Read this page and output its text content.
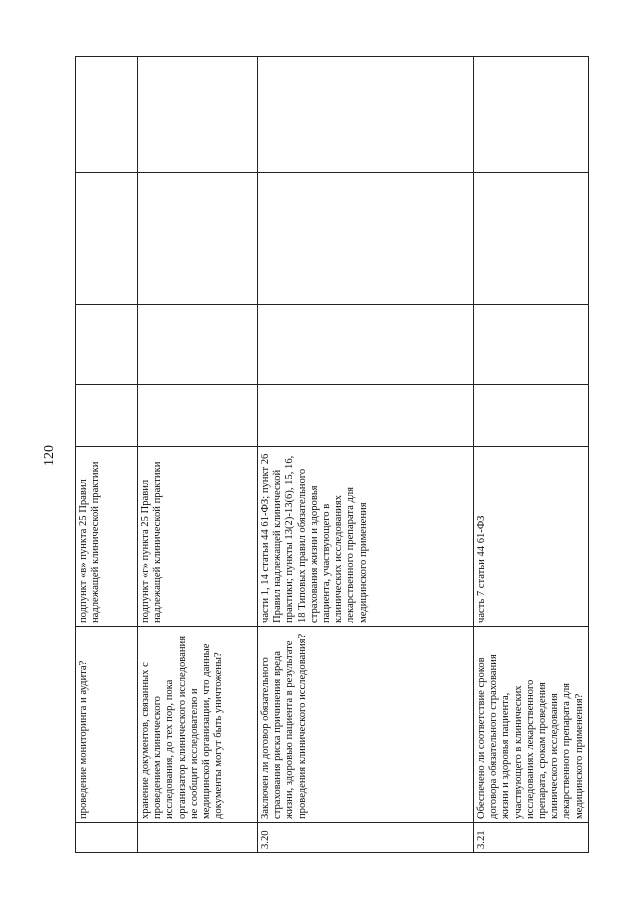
120
	проведение мониторинга и аудита?	подпункт «в» пункта 25 Правил надлежащей клинической практики				
	хранение документов, связанных с проведением клинического исследования, до тех пор, пока организатор клинического исследования не сообщит исследователю и медицинской организации, что данные документы могут быть уничтожены?	подпункт «г» пункта 25 Правил надлежащей клинической практики				
3.20	Заключен ли договор обязательного страхования риска причинения вреда жизни, здоровью пациента в результате проведения клинического исследования?	части 1, 14 статьи 44 61-ФЗ; пункт 26 Правил надлежащей клинической практики; пункты 13(2)-13(6), 15, 16, 18 Типовых правил обязательного страхования жизни и здоровья пациента, участвующего в клинических исследованиях лекарственного препарата для медицинского применения				
3.21	Обеспечено ли соответствие сроков договора обязательного страхования жизни и здоровья пациента, участвующего в клинических исследованиях лекарственного препарата, срокам проведения клинического исследования лекарственного препарата для медицинского применения?	часть 7 статьи 44 61-ФЗ				
